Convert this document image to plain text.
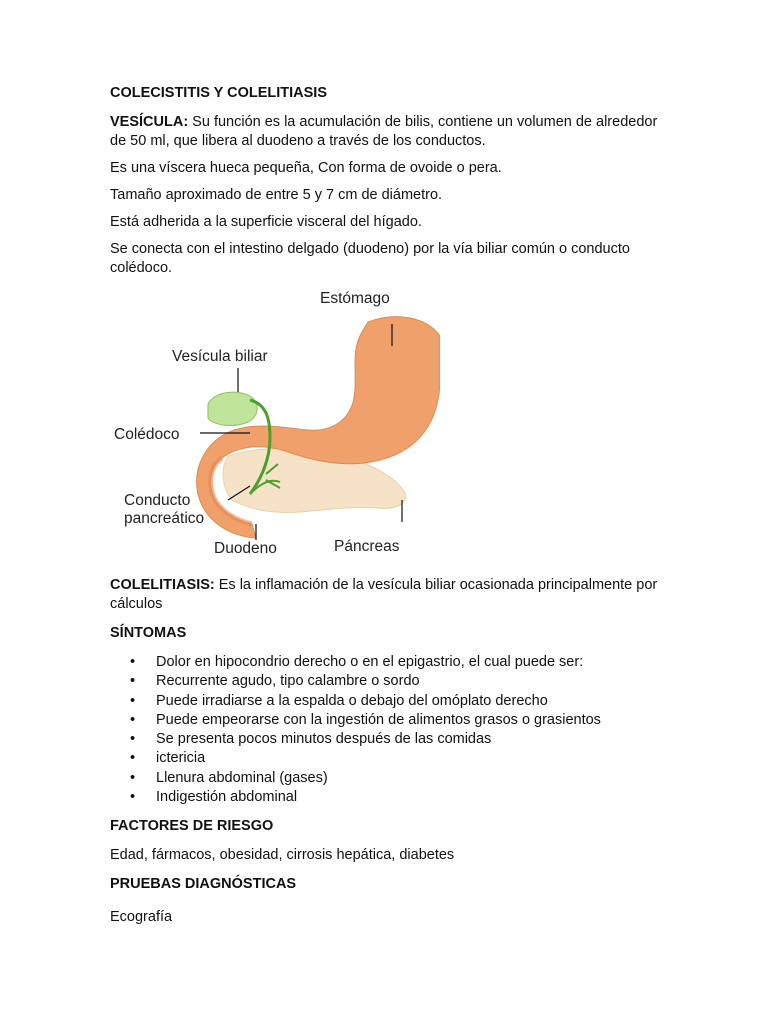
COLECISTITIS Y COLELITIASIS

VESÍCULA: Su función es la acumulación de bilis, contiene un volumen de alrededor de 50 ml, que libera al duodeno a través de los conductos.

Es una víscera hueca pequeña, Con forma de ovoide o pera.

Tamaño aproximado de entre 5 y 7 cm de diámetro.

Está adherida a la superficie visceral del hígado.

Se conecta con el intestino delgado (duodeno) por la vía biliar común o conducto colédoco.

Estómago
Vesícula biliar
Colédoco
Conducto
pancreático
Duodeno	Páncreas

COLELITIASIS: Es la inflamación de la vesícula biliar ocasionada principalmente por cálculos

SÍNTOMAS

• Dolor en hipocondrio derecho o en el epigastrio, el cual puede ser:
• Recurrente agudo, tipo calambre o sordo
• Puede irradiarse a la espalda o debajo del omóplato derecho
• Puede empeorarse con la ingestión de alimentos grasos o grasientos
• Se presenta pocos minutos después de las comidas
• ictericia
• Llenura abdominal (gases)
• Indigestión abdominal

FACTORES DE RIESGO

Edad, fármacos, obesidad, cirrosis hepática, diabetes

PRUEBAS DIAGNÓSTICAS

Ecografía
